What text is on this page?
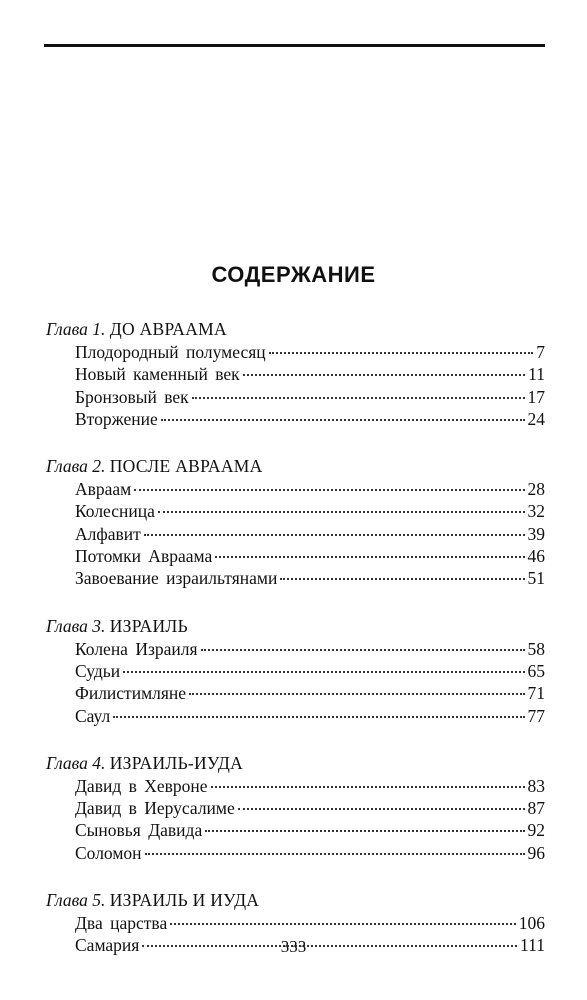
СОДЕРЖАНИЕ
Глава 1. ДО АВРААМА
Плодородный полумесяц	7
Новый каменный век	11
Бронзовый век	17
Вторжение	24
Глава 2. ПОСЛЕ АВРААМА
Авраам	28
Колесница	32
Алфавит	39
Потомки Авраама	46
Завоевание израильтянами	51
Глава 3. ИЗРАИЛЬ
Колена Израиля	58
Судьи	65
Филистимляне	71
Саул	77
Глава 4. ИЗРАИЛЬ-ИУДА
Давид в Хевроне	83
Давид в Иерусалиме	87
Сыновья Давида	92
Соломон	96
Глава 5. ИЗРАИЛЬ И ИУДА
Два царства	106
Самария	111
333
